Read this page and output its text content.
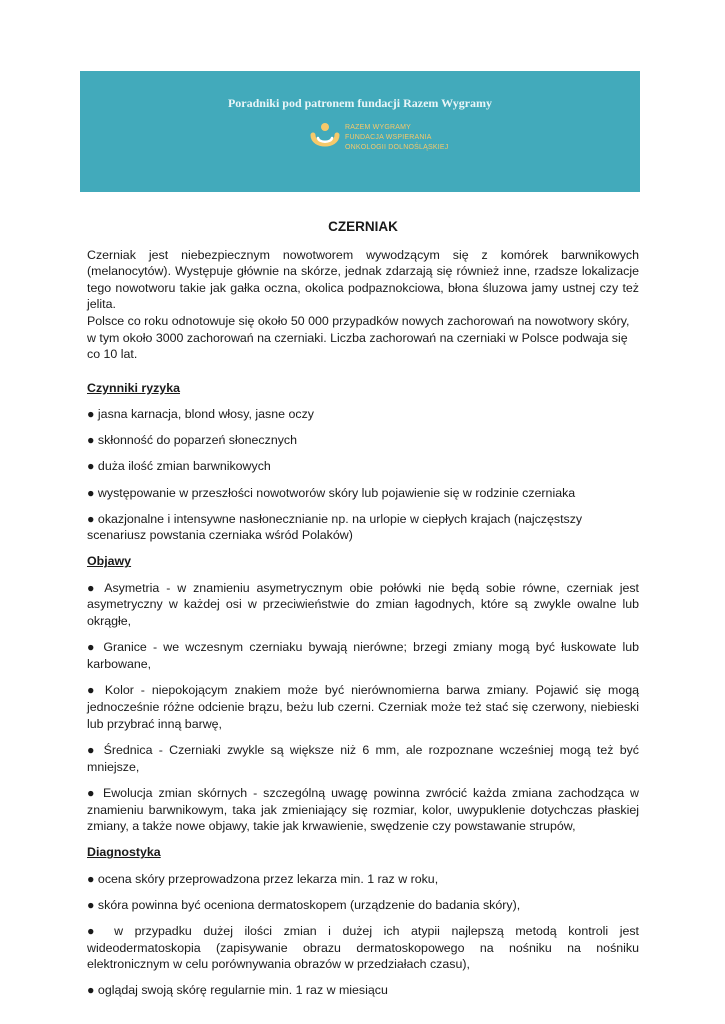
Poradniki pod patronem fundacji Razem Wygramy
RAZEM WYGRAMY
FUNDACJA WSPIERANIA
ONKOLOGII DOLNOŚLĄSKIEJ
CZERNIAK

Czerniak jest niebezpiecznym nowotworem wywodzącym się z komórek barwnikowych (melanocytów). Występuje głównie na skórze, jednak zdarzają się również inne, rzadsze lokalizacje tego nowotworu takie jak gałka oczna, okolica podpaznokciowa, błona śluzowa jamy ustnej czy też jelita.

Polsce co roku odnotowuje się około 50 000 przypadków nowych zachorowań na nowotwory skóry, w tym około 3000 zachorowań na czerniaki. Liczba zachorowań na czerniaki w Polsce podwaja się co 10 lat.

Czynniki ryzyka

● jasna karnacja, blond włosy, jasne oczy

● skłonność do poparzeń słonecznych

● duża ilość zmian barwnikowych

● występowanie w przeszłości nowotworów skóry lub pojawienie się w rodzinie czerniaka

● okazjonalne i intensywne nasłonecznianie np. na urlopie w ciepłych krajach (najczęstszy scenariusz powstania czerniaka wśród Polaków)

Objawy

● Asymetria - w znamieniu asymetrycznym obie połówki nie będą sobie równe, czerniak jest asymetryczny w każdej osi w przeciwieństwie do zmian łagodnych, które są zwykle owalne lub okrągłe,

● Granice - we wczesnym czerniaku bywają nierówne; brzegi zmiany mogą być łuskowate lub karbowane,

● Kolor - niepokojącym znakiem może być nierównomierna barwa zmiany. Pojawić się mogą jednocześnie różne odcienie brązu, beżu lub czerni. Czerniak może też stać się czerwony, niebieski lub przybrać inną barwę,

● Średnica - Czerniaki zwykle są większe niż 6 mm, ale rozpoznane wcześniej mogą też być mniejsze,

● Ewolucja zmian skórnych - szczególną uwagę powinna zwrócić każda zmiana zachodząca w znamieniu barwnikowym, taka jak zmieniający się rozmiar, kolor, uwypuklenie dotychczas płaskiej zmiany, a także nowe objawy, takie jak krwawienie, swędzenie czy powstawanie strupów,

Diagnostyka

● ocena skóry przeprowadzona przez lekarza min. 1 raz w roku,

● skóra powinna być oceniona dermatoskopem (urządzenie do badania skóry),

● w przypadku dużej ilości zmian i dużej ich atypii najlepszą metodą kontroli jest wideodermatoskopia (zapisywanie obrazu dermatoskopowego na nośniku na nośniku elektronicznym w celu porównywania obrazów w przedziałach czasu),

● oglądaj swoją skórę regularnie min. 1 raz w miesiącu
